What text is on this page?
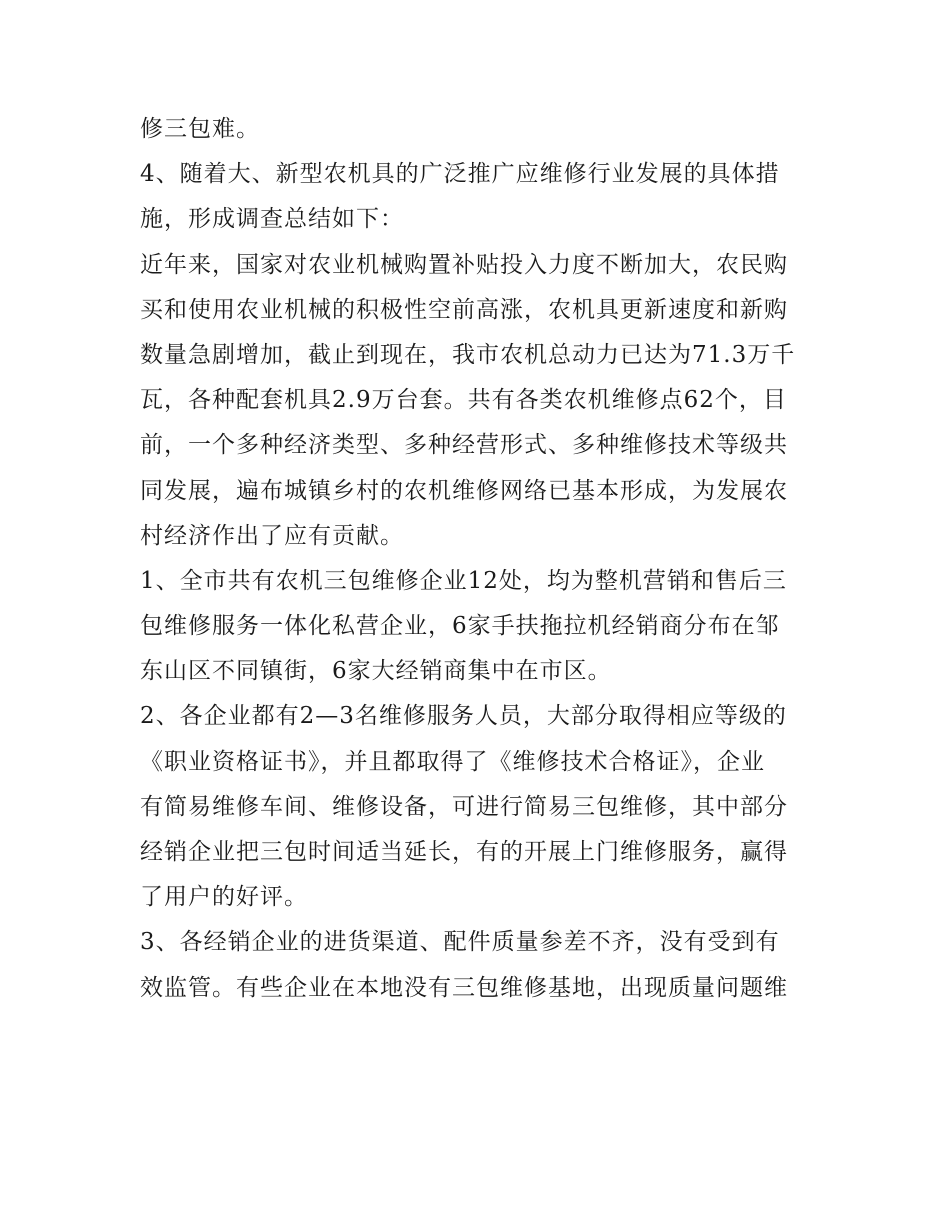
修三包难。
4、随着大、新型农机具的广泛推广应维修行业发展的具体措
施，形成调查总结如下：
近年来，国家对农业机械购置补贴投入力度不断加大，农民购
买和使用农业机械的积极性空前高涨，农机具更新速度和新购
数量急剧增加，截止到现在，我市农机总动力已达为71.3万千
瓦，各种配套机具2.9万台套。共有各类农机维修点62个，目
前，一个多种经济类型、多种经营形式、多种维修技术等级共
同发展，遍布城镇乡村的农机维修网络已基本形成，为发展农
村经济作出了应有贡献。
1、全市共有农机三包维修企业12处，均为整机营销和售后三
包维修服务一体化私营企业，6家手扶拖拉机经销商分布在邹
东山区不同镇街，6家大经销商集中在市区。
2、各企业都有2—3名维修服务人员，大部分取得相应等级的
《职业资格证书》，并且都取得了《维修技术合格证》，企业
有简易维修车间、维修设备，可进行简易三包维修，其中部分
经销企业把三包时间适当延长，有的开展上门维修服务，赢得
了用户的好评。
3、各经销企业的进货渠道、配件质量参差不齐，没有受到有
效监管。有些企业在本地没有三包维修基地，出现质量问题维
